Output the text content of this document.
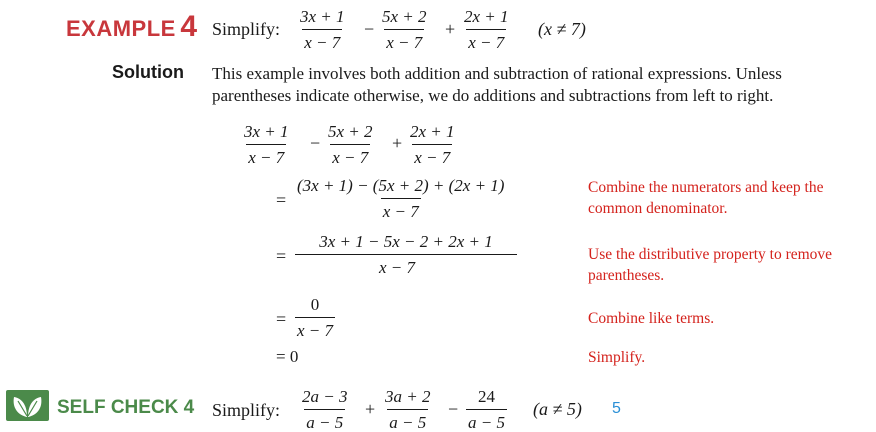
EXAMPLE 4 Simplify: $\frac{3x + 1}{x - 7} - \frac{5x + 2}{x - 7} + \frac{2x + 1}{x - 7} (x \ne 7)$
Solution This example involves both addition and subtraction of rational expressions. Unless
parentheses indicate otherwise, we do additions and subtractions from left to right.
$\frac{3x + 1}{x - 7} - \frac{5x + 2}{x - 7} + \frac{2x + 1}{x - 7}$
= $\frac{(3x + 1) - (5x + 2) + (2x + 1)}{x - 7}$	Combine the numerators and keep the
common denominator.
= $\frac{3x + 1 - 5x - 2 + 2x + 1}{x - 7}$	Use the distributive property to remove
parentheses.
= $\frac{0}{x - 7}$	Combine like terms.
= 0	Simplify.
SELF CHECK 4 Simplify: $\frac{2a - 3}{a - 5} + \frac{3a + 2}{a - 5} - \frac{24}{a - 5} (a \ne 5)$ 5
